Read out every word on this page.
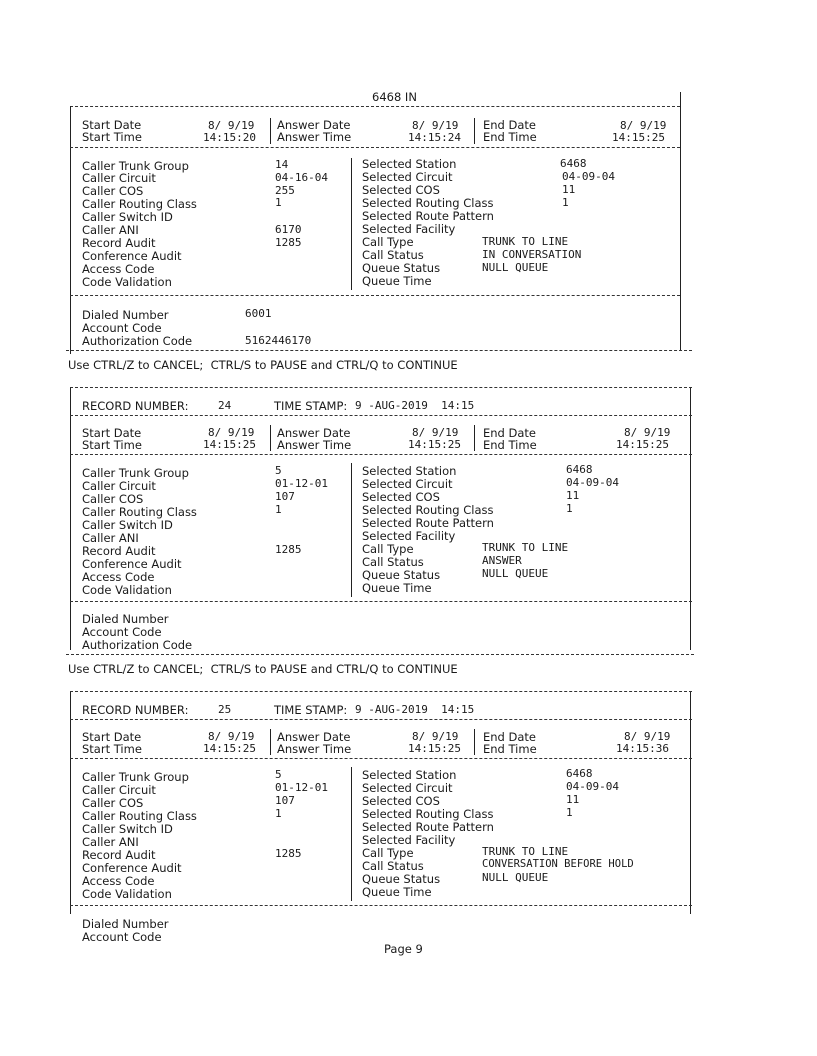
6468 IN
Start Date	8/ 9/19
Start Time	14:15:20
Answer Date	8/ 9/19
Answer Time	14:15:24
End Date	8/ 9/19
End Time	14:15:25
Caller Trunk Group	14
Caller Circuit	04-16-04
Caller COS	255
Caller Routing Class	1
Caller Switch ID
Caller ANI	6170
Record Audit	1285
Conference Audit
Access Code
Code Validation
Selected Station	6468
Selected Circuit	04-09-04
Selected COS	11
Selected Routing Class	1
Selected Route Pattern
Selected Facility
Call Type	TRUNK TO LINE
Call Status	IN CONVERSATION
Queue Status	NULL QUEUE
Queue Time
Dialed Number	6001
Account Code
Authorization Code	5162446170
Use CTRL/Z to CANCEL;  CTRL/S to PAUSE and CTRL/Q to CONTINUE
RECORD NUMBER:	24	TIME STAMP: 9 -AUG-2019  14:15
Start Date	8/ 9/19
Start Time	14:15:25
Answer Date	8/ 9/19
Answer Time	14:15:25
End Date	8/ 9/19
End Time	14:15:25
Caller Trunk Group	5
Caller Circuit	01-12-01
Caller COS	107
Caller Routing Class	1
Caller Switch ID
Caller ANI
Record Audit	1285
Conference Audit
Access Code
Code Validation
Selected Station	6468
Selected Circuit	04-09-04
Selected COS	11
Selected Routing Class	1
Selected Route Pattern
Selected Facility
Call Type	TRUNK TO LINE
Call Status	ANSWER
Queue Status	NULL QUEUE
Queue Time
Dialed Number
Account Code
Authorization Code
Use CTRL/Z to CANCEL;  CTRL/S to PAUSE and CTRL/Q to CONTINUE
RECORD NUMBER:	25	TIME STAMP: 9 -AUG-2019  14:15
Start Date	8/ 9/19
Start Time	14:15:25
Answer Date	8/ 9/19
Answer Time	14:15:25
End Date	8/ 9/19
End Time	14:15:36
Caller Trunk Group	5
Caller Circuit	01-12-01
Caller COS	107
Caller Routing Class	1
Caller Switch ID
Caller ANI
Record Audit	1285
Conference Audit
Access Code
Code Validation
Selected Station	6468
Selected Circuit	04-09-04
Selected COS	11
Selected Routing Class	1
Selected Route Pattern
Selected Facility
Call Type	TRUNK TO LINE
Call Status	CONVERSATION BEFORE HOLD
Queue Status	NULL QUEUE
Queue Time
Dialed Number
Account Code
Page 9
